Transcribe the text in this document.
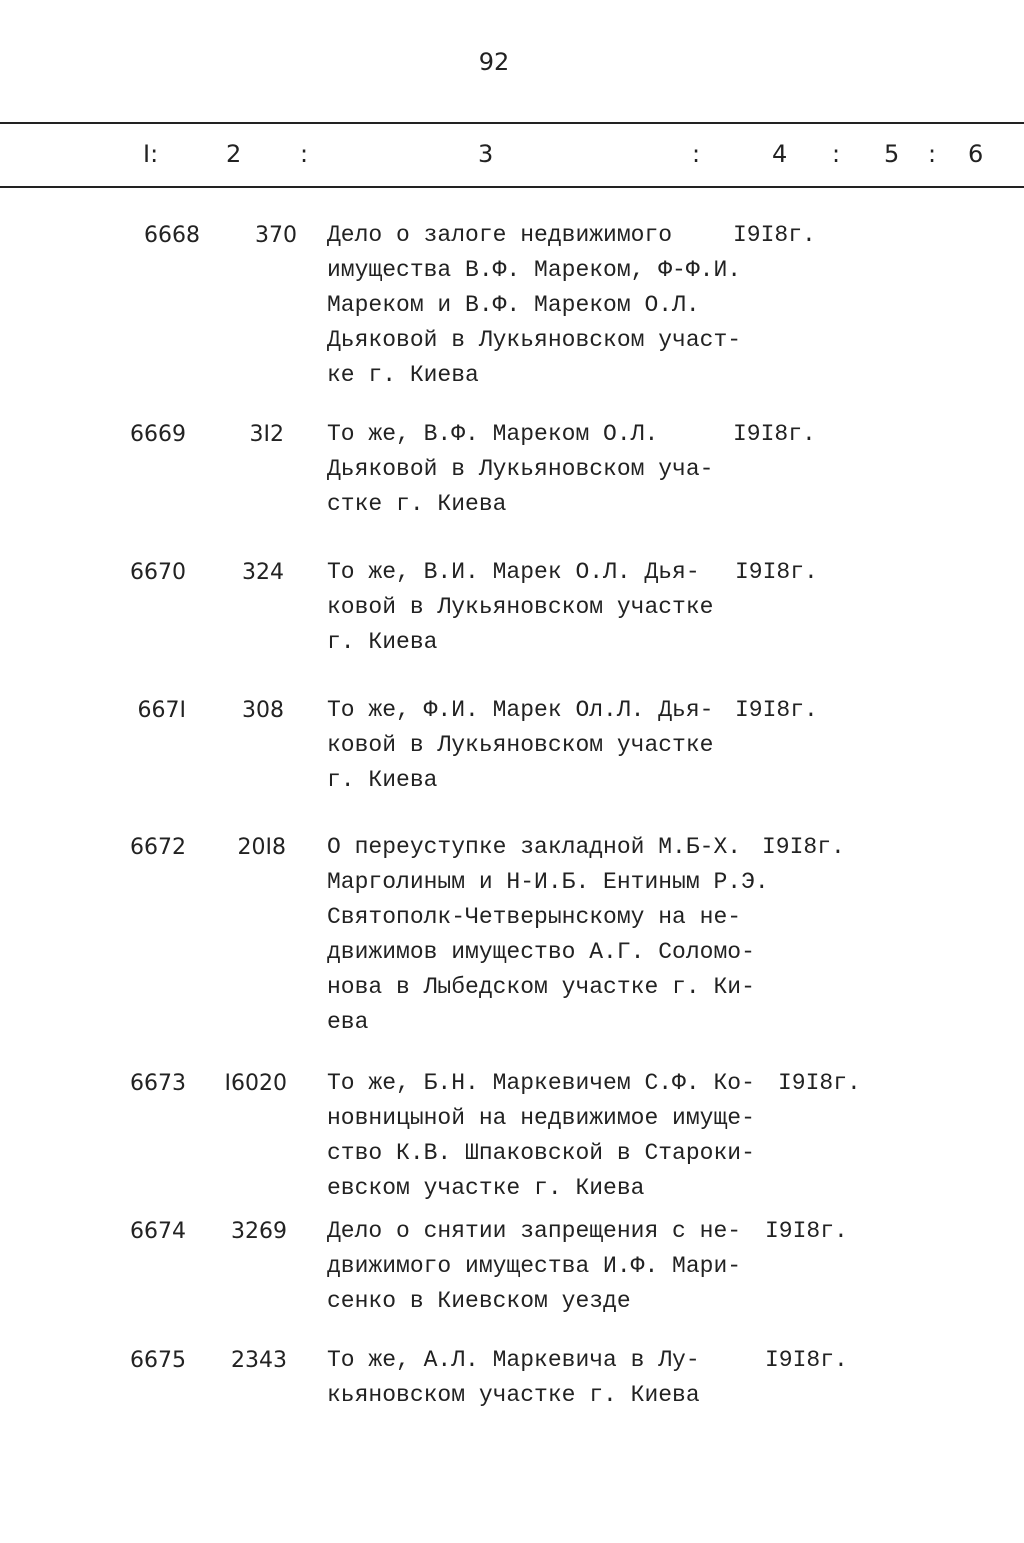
92
I:	2 :	3	:	4 : 5 : 6
6668	370 Дело о залоге недвижимого
имущества В.Ф. Мареком, Ф-Ф.И.
Мареком и В.Ф. Мареком О.Л.
Дьяковой в Лукьяновском участ-
ке г. Киева
I9I8г.
6669	3I2 То же, В.Ф. Мареком О.Л.
Дьяковой в Лукьяновском уча-
стке г. Киева
I9I8г.
6670	324 То же, В.И. Марек О.Л. Дья-
ковой в Лукьяновском участке
г. Киева
I9I8г.
667I	308 То же, Ф.И. Марек Ол.Л. Дья-
ковой в Лукьяновском участке
г. Киева
I9I8г.
6672 20I8 О переуступке закладной М.Б-Х.
Марголиным и Н-И.Б. Ентиным Р.Э.
Святополк-Четверынскому на не-
движимов имущество А.Г. Соломо-
нова в Лыбедском участке г. Ки-
ева
I9I8г.
6673 I6020 То же, Б.Н. Маркевичем С.Ф. Ко-
новницыной на недвижимое имуще-
ство К.В. Шпаковской в Староки-
евском участке г. Киева
I9I8г.
6674 3269 Дело о снятии запрещения с не-
движимого имущества И.Ф. Мари-
сенко в Киевском уезде
I9I8г.
6675 2343 То же, А.Л. Маркевича в Лу-
кьяновском участке г. Киева
I9I8г.
